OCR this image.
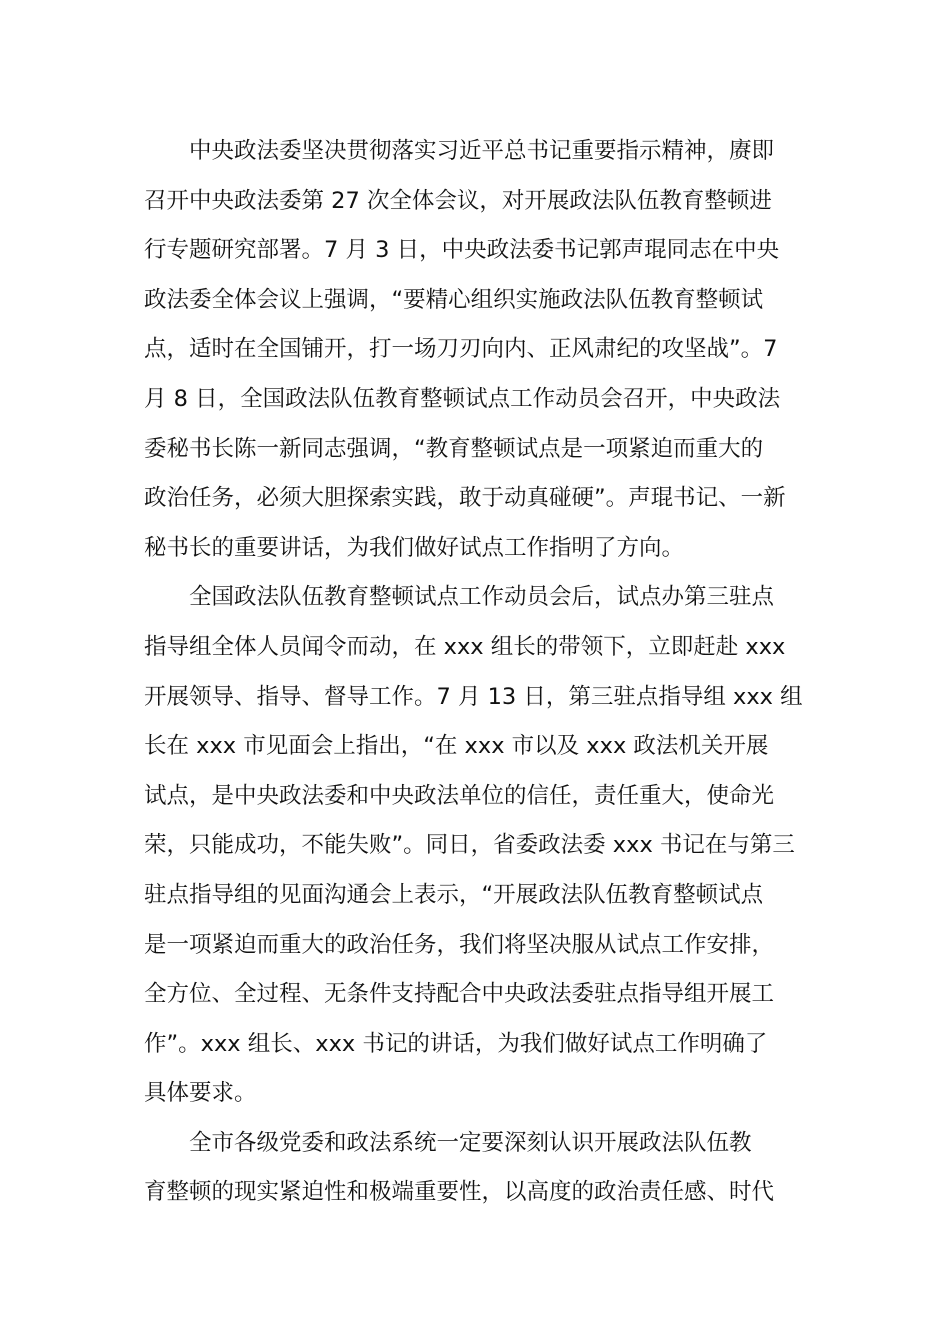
　　中央政法委坚决贯彻落实习近平总书记重要指示精神，赓即
召开中央政法委第 27 次全体会议，对开展政法队伍教育整顿进
行专题研究部署。7 月 3 日，中央政法委书记郭声琨同志在中央
政法委全体会议上强调，“要精心组织实施政法队伍教育整顿试
点，适时在全国铺开，打一场刀刃向内、正风肃纪的攻坚战”。7
月 8 日，全国政法队伍教育整顿试点工作动员会召开，中央政法
委秘书长陈一新同志强调，“教育整顿试点是一项紧迫而重大的
政治任务，必须大胆探索实践，敢于动真碰硬”。声琨书记、一新
秘书长的重要讲话，为我们做好试点工作指明了方向。
　　全国政法队伍教育整顿试点工作动员会后，试点办第三驻点
指导组全体人员闻令而动，在 xxx 组长的带领下，立即赶赴 xxx
开展领导、指导、督导工作。7 月 13 日，第三驻点指导组 xxx 组
长在 xxx 市见面会上指出，“在 xxx 市以及 xxx 政法机关开展
试点，是中央政法委和中央政法单位的信任，责任重大，使命光
荣，只能成功，不能失败”。同日，省委政法委 xxx 书记在与第三
驻点指导组的见面沟通会上表示，“开展政法队伍教育整顿试点
是一项紧迫而重大的政治任务，我们将坚决服从试点工作安排，
全方位、全过程、无条件支持配合中央政法委驻点指导组开展工
作”。xxx 组长、xxx 书记的讲话，为我们做好试点工作明确了
具体要求。
　　全市各级党委和政法系统一定要深刻认识开展政法队伍教
育整顿的现实紧迫性和极端重要性，以高度的政治责任感、时代
